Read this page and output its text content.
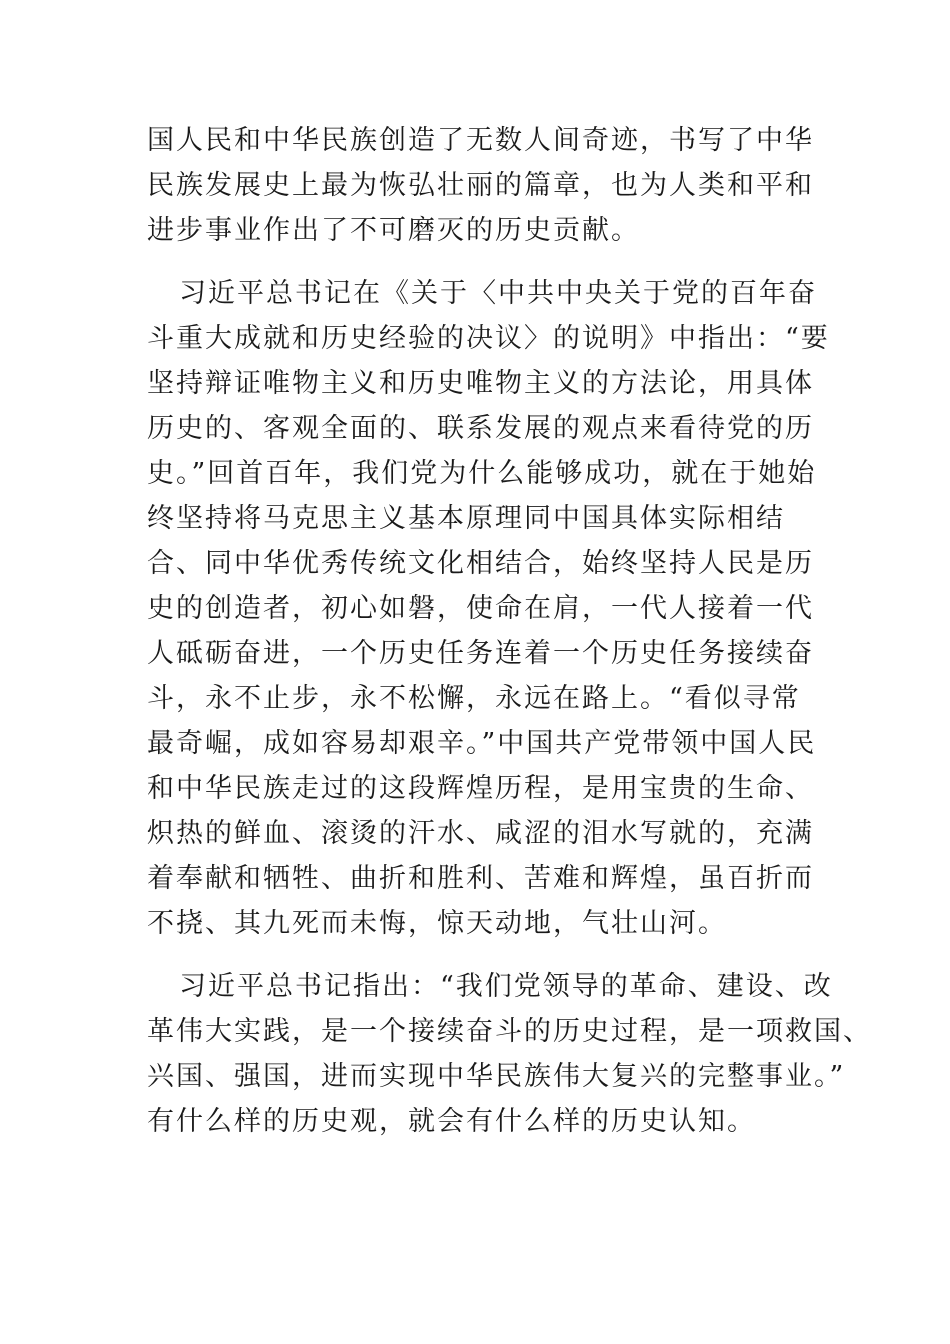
国人民和中华民族创造了无数人间奇迹，书写了中华
民族发展史上最为恢弘壮丽的篇章，也为人类和平和
进步事业作出了不可磨灭的历史贡献。
习近平总书记在《关于〈中共中央关于党的百年奋
斗重大成就和历史经验的决议〉的说明》中指出：“要
坚持辩证唯物主义和历史唯物主义的方法论，用具体
历史的、客观全面的、联系发展的观点来看待党的历
史。”回首百年，我们党为什么能够成功，就在于她始
终坚持将马克思主义基本原理同中国具体实际相结
合、同中华优秀传统文化相结合，始终坚持人民是历
史的创造者，初心如磐，使命在肩，一代人接着一代
人砥砺奋进，一个历史任务连着一个历史任务接续奋
斗，永不止步，永不松懈，永远在路上。“看似寻常
最奇崛，成如容易却艰辛。”中国共产党带领中国人民
和中华民族走过的这段辉煌历程，是用宝贵的生命、
炽热的鲜血、滚烫的汗水、咸涩的泪水写就的，充满
着奉献和牺牲、曲折和胜利、苦难和辉煌，虽百折而
不挠、其九死而未悔，惊天动地，气壮山河。
习近平总书记指出：“我们党领导的革命、建设、改
革伟大实践，是一个接续奋斗的历史过程，是一项救国、
兴国、强国，进而实现中华民族伟大复兴的完整事业。”
有什么样的历史观，就会有什么样的历史认知。
